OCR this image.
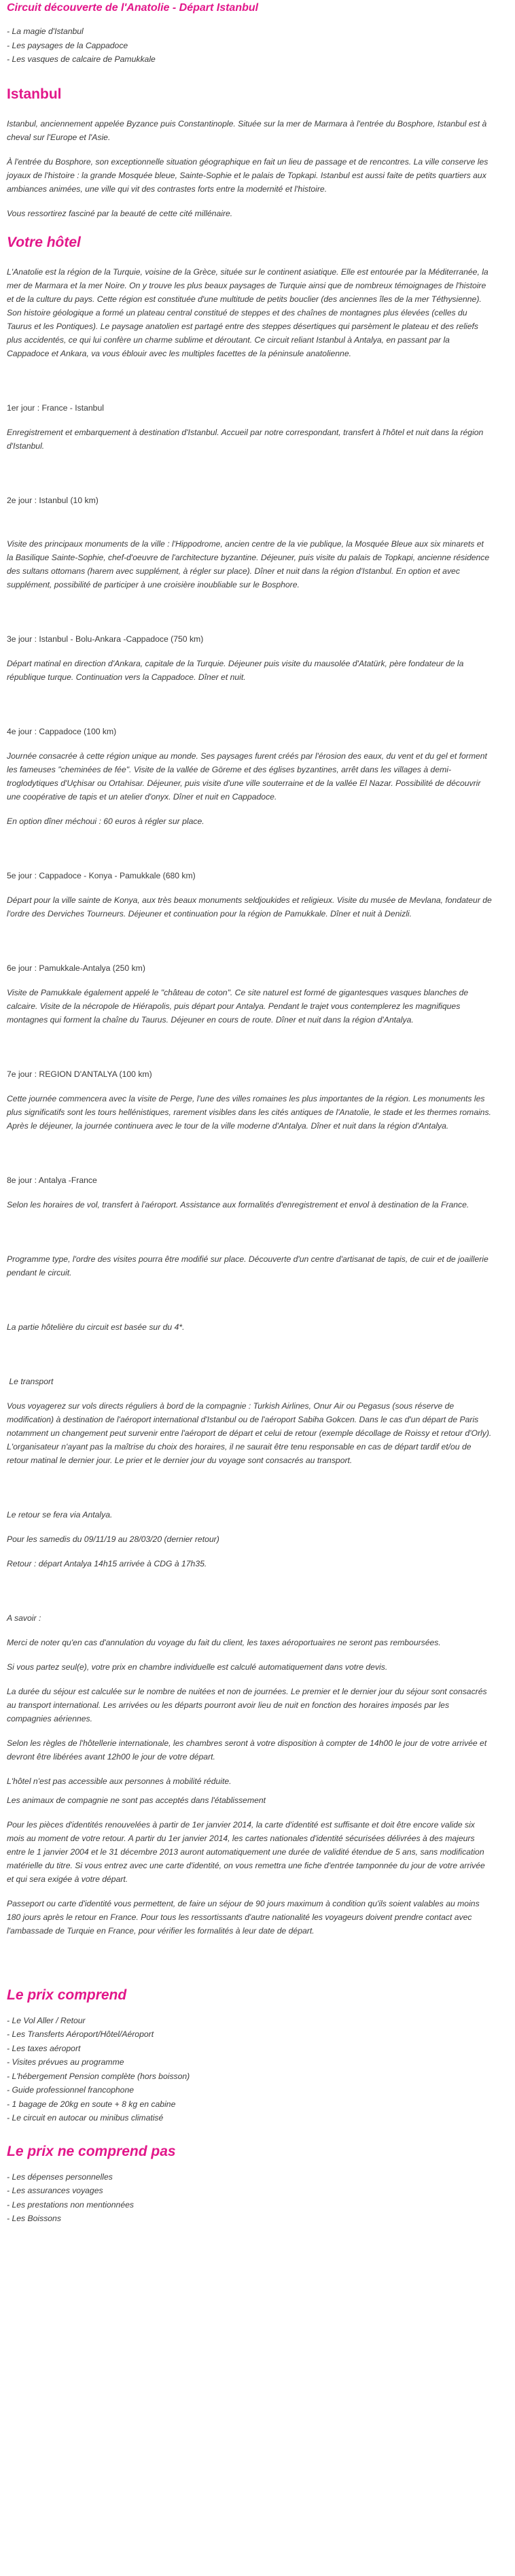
Circuit découverte de l'Anatolie - Départ Istanbul
- La magie d'Istanbul
- Les paysages de la Cappadoce
- Les vasques de calcaire de Pamukkale
Istanbul

Istanbul, anciennement appelée Byzance puis Constantinople. Située sur la mer de Marmara à l'entrée du Bosphore, Istanbul est à cheval sur l'Europe et l'Asie.

À l'entrée du Bosphore, son exceptionnelle situation géographique en fait un lieu de passage et de rencontres. La ville conserve les joyaux de l'histoire : la grande Mosquée bleue, Sainte-Sophie et le palais de Topkapi. Istanbul est aussi faite de petits quartiers aux ambiances animées, une ville qui vit des contrastes forts entre la modernité et l'histoire.

Vous ressortirez fasciné par la beauté de cette cité millénaire.

Votre hôtel

L'Anatolie est la région de la Turquie, voisine de la Grèce, située sur le continent asiatique. Elle est entourée par la Méditerranée, la mer de Marmara et la mer Noire. On y trouve les plus beaux paysages de Turquie ainsi que de nombreux témoignages de l'histoire et de la culture du pays. Cette région est constituée d'une multitude de petits bouclier (des anciennes îles de la mer Téthysienne). Son histoire géologique a formé un plateau central constitué de steppes et des chaînes de montagnes plus élevées (celles du Taurus et les Pontiques). Le paysage anatolien est partagé entre des steppes désertiques qui parsèment le plateau et des reliefs plus accidentés, ce qui lui confère un charme sublime et déroutant. Ce circuit reliant Istanbul à Antalya, en passant par la Cappadoce et Ankara, va vous éblouir avec les multiples facettes de la péninsule anatolienne.

1er jour : France - Istanbul

Enregistrement et embarquement à destination d'Istanbul. Accueil par notre correspondant, transfert à l'hôtel et nuit dans la région d'Istanbul.

2e jour : Istanbul (10 km)

Visite des principaux monuments de la ville : l'Hippodrome, ancien centre de la vie publique, la Mosquée Bleue aux six minarets et la Basilique Sainte-Sophie, chef-d'oeuvre de l'architecture byzantine. Déjeuner, puis visite du palais de Topkapi, ancienne résidence des sultans ottomans (harem avec supplément, à régler sur place). Dîner et nuit dans la région d'Istanbul. En option et avec supplément, possibilité de participer à une croisière inoubliable sur le Bosphore.

3e jour : Istanbul - Bolu-Ankara -Cappadoce (750 km)

Départ matinal en direction d'Ankara, capitale de la Turquie. Déjeuner puis visite du mausolée d'Atatürk, père fondateur de la république turque. Continuation vers la Cappadoce. Dîner et nuit.

4e jour : Cappadoce (100 km)

Journée consacrée à cette région unique au monde. Ses paysages furent créés par l'érosion des eaux, du vent et du gel et forment les fameuses "cheminées de fée". Visite de la vallée de Göreme et des églises byzantines, arrêt dans les villages à demi-troglodytiques d'Uçhisar ou Ortahisar. Déjeuner, puis visite d'une ville souterraine et de la vallée El Nazar. Possibilité de découvrir une coopérative de tapis et un atelier d'onyx. Dîner et nuit en Cappadoce.

En option dîner méchoui : 60 euros à régler sur place.

5e jour : Cappadoce - Konya - Pamukkale (680 km)

Départ pour la ville sainte de Konya, aux très beaux monuments seldjoukides et religieux. Visite du musée de Mevlana, fondateur de l'ordre des Derviches Tourneurs. Déjeuner et continuation pour la région de Pamukkale. Dîner et nuit à Denizli.

6e jour : Pamukkale-Antalya (250 km)

Visite de Pamukkale également appelé le "château de coton". Ce site naturel est formé de gigantesques vasques blanches de calcaire. Visite de la nécropole de Hiérapolis, puis départ pour Antalya. Pendant le trajet vous contemplerez les magnifiques montagnes qui forment la chaîne du Taurus. Déjeuner en cours de route. Dîner et nuit dans la région d'Antalya.

7e jour : REGION D'ANTALYA (100 km)

Cette journée commencera avec la visite de Perge, l'une des villes romaines les plus importantes de la région. Les monuments les plus significatifs sont les tours hellénistiques, rarement visibles dans les cités antiques de l'Anatolie, le stade et les thermes romains. Après le déjeuner, la journée continuera avec le tour de la ville moderne d'Antalya. Dîner et nuit dans la région d'Antalya.

8e jour : Antalya -France

Selon les horaires de vol, transfert à l'aéroport. Assistance aux formalités d'enregistrement et envol à destination de la France.

Programme type, l'ordre des visites pourra être modifié sur place. Découverte d'un centre d'artisanat de tapis, de cuir et de joaillerie pendant le circuit.

La partie hôtelière du circuit est basée sur du 4*.

Le transport

Vous voyagerez sur vols directs réguliers à bord de la compagnie : Turkish Airlines, Onur Air ou Pegasus (sous réserve de modification) à destination de l'aéroport international d'Istanbul ou de l'aéroport Sabiha Gokcen. Dans le cas d'un départ de Paris notamment un changement peut survenir entre l'aéroport de départ et celui de retour (exemple décollage de Roissy et retour d'Orly). L'organisateur n'ayant pas la maîtrise du choix des horaires, il ne saurait être tenu responsable en cas de départ tardif et/ou de retour matinal le dernier jour. Le prier et le dernier jour du voyage sont consacrés au transport.

Le retour se fera via Antalya.

Pour les samedis du 09/11/19 au 28/03/20 (dernier retour)

Retour : départ Antalya 14h15 arrivée à CDG à 17h35.

A savoir :

Merci de noter qu'en cas d'annulation du voyage du fait du client, les taxes aéroportuaires ne seront pas remboursées.

Si vous partez seul(e), votre prix en chambre individuelle est calculé automatiquement dans votre devis.

La durée du séjour est calculée sur le nombre de nuitées et non de journées. Le premier et le dernier jour du séjour sont consacrés au transport international. Les arrivées ou les départs pourront avoir lieu de nuit en fonction des horaires imposés par les compagnies aériennes.

Selon les règles de l'hôtellerie internationale, les chambres seront à votre disposition à compter de 14h00 le jour de votre arrivée et devront être libérées avant 12h00 le jour de votre départ.

L'hôtel n'est pas accessible aux personnes à mobilité réduite.

Les animaux de compagnie ne sont pas acceptés dans l'établissement

Pour les pièces d'identités renouvelées à partir de 1er janvier 2014, la carte d'identité est suffisante et doit être encore valide six mois au moment de votre retour. A partir du 1er janvier 2014, les cartes nationales d'identité sécurisées délivrées à des majeurs entre le 1 janvier 2004 et le 31 décembre 2013 auront automatiquement une durée de validité étendue de 5 ans, sans modification matérielle du titre. Si vous entrez avec une carte d'identité, on vous remettra une fiche d'entrée tamponnée du jour de votre arrivée et qui sera exigée à votre départ.

Passeport ou carte d'identité vous permettent, de faire un séjour de 90 jours maximum à condition qu'ils soient valables au moins 180 jours après le retour en France. Pour tous les ressortissants d'autre nationalité les voyageurs doivent prendre contact avec l'ambassade de Turquie en France, pour vérifier les formalités à leur date de départ.

Le prix comprend
- Le Vol Aller / Retour
- Les Transferts Aéroport/Hôtel/Aéroport
- Les taxes aéroport
- Visites prévues au programme
- L'hébergement Pension complète (hors boisson)
- Guide professionnel francophone
- 1 bagage de 20kg en soute + 8 kg en cabine
- Le circuit en autocar ou minibus climatisé
Le prix ne comprend pas
- Les dépenses personnelles
- Les assurances voyages
- Les prestations non mentionnées
- Les Boissons
